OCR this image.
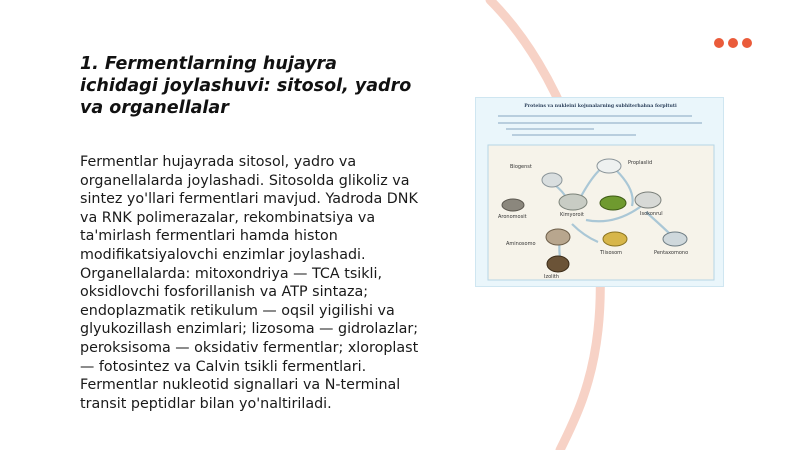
1. Fermentlarning hujayra ichidagi joylashuvi: sitosol, yadro va organellalar

Fermentlar hujayrada sitosol, yadro va organellalarda joylashadi. Sitosolda glikoliz va sintez yo'llari fermentlari mavjud. Yadroda DNK va RNK polimerazalar, rekombinatsiya va ta'mirlash fermentlari hamda histon modifikatsiyalovchi enzimlar joylashadi. Organellalarda: mitoxondriya — TCA tsikli, oksidlovchi fosforillanish va ATP sintaza; endoplazmatik retikulum — oqsil yigilishi va glyukozillash enzimlari; lizosoma — gidrolazlar; peroksisoma — oksidativ fermentlar; xloroplast — fotosintez va Calvin tsikli fermentlari. Fermentlar nukleotid signallari va N-terminal transit peptidlar bilan yo'naltiriladi.

Proteins va nukleini kojunalarning subhiterhahna forpltuti
Biogenst
Proplaslid
Aronomosit	Kimyoroit	Isokonrul
Aminosomo
Tlisosom	Pentaxomono
Izolith
